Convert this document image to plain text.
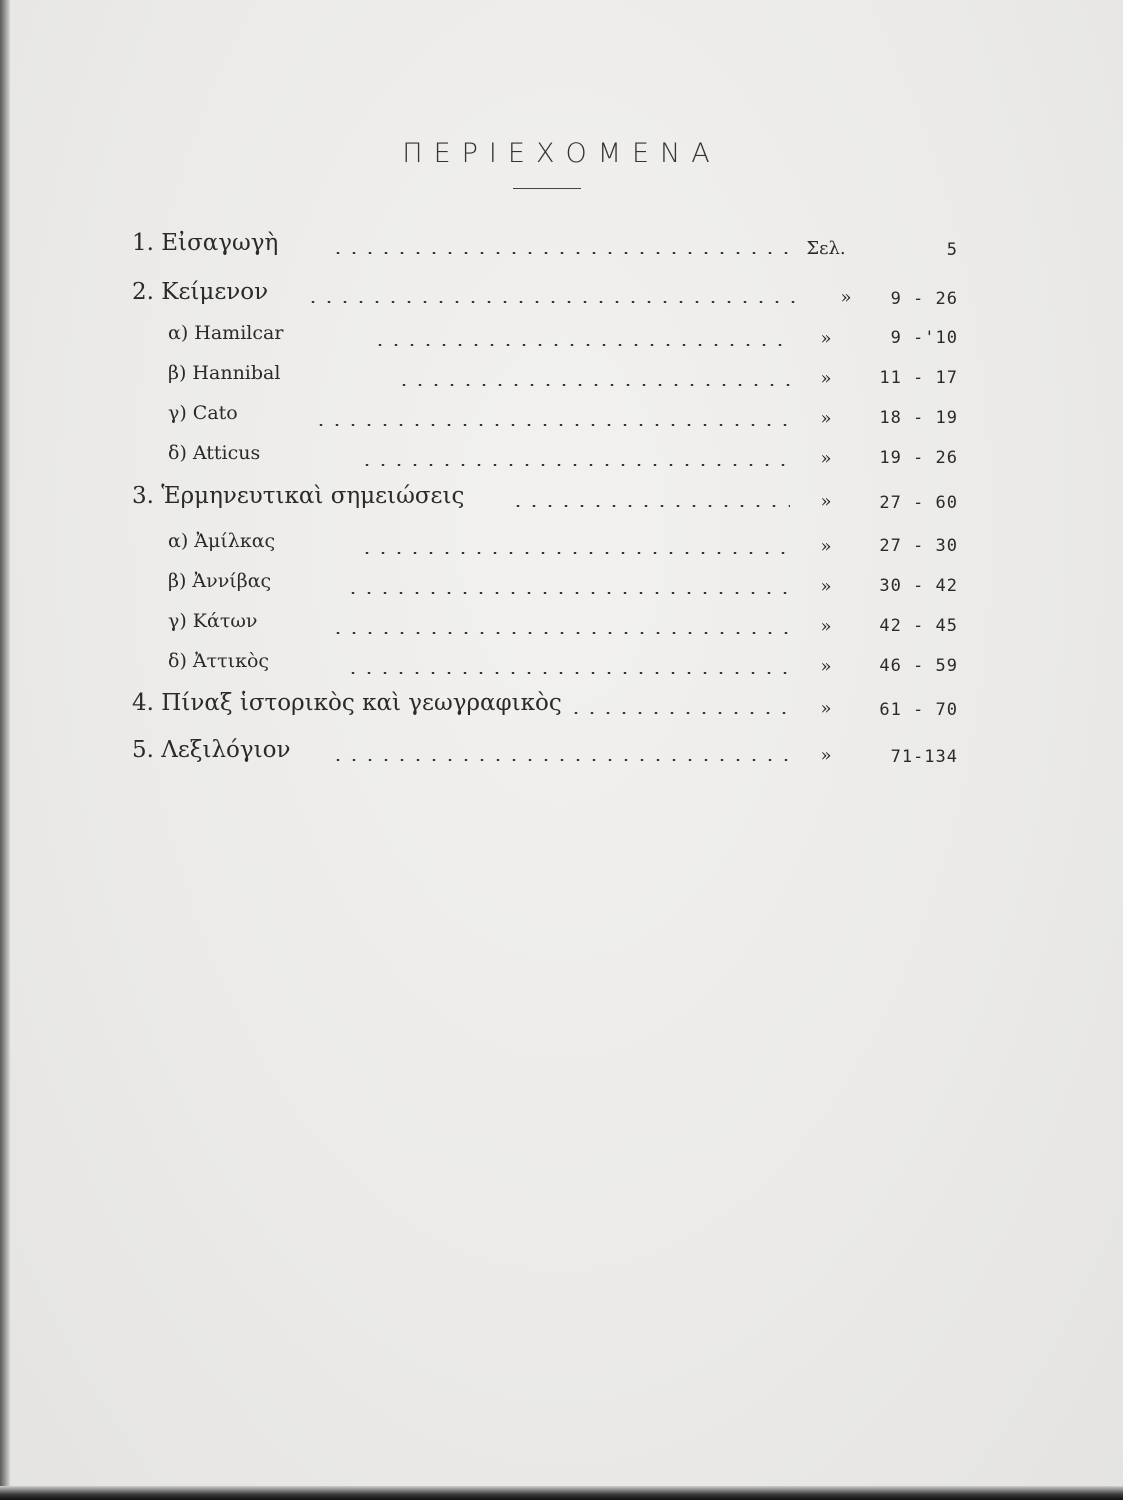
ΠΕΡΙΕΧΟΜΕΝΑ
1. Εἰσαγωγὴ	Σελ.	5
2. Κείμενον	»	9 - 26
α) Hamilcar	»	9 -'10
β) Hannibal	»	11 - 17
γ) Cato	»	18 - 19
δ) Atticus	»	19 - 26
3. Ἑρμηνευτικαὶ σημειώσεις	»	27 - 60
α) Ἀμίλκας	»	27 - 30
β) Ἀννίβας	»	30 - 42
γ) Κάτων	»	42 - 45
δ) Ἀττικὸς	»	46 - 59
4. Πίναξ ἱστορικὸς καὶ γεωγραφικὸς	»	61 - 70
5. Λεξιλόγιον	»	71-134
